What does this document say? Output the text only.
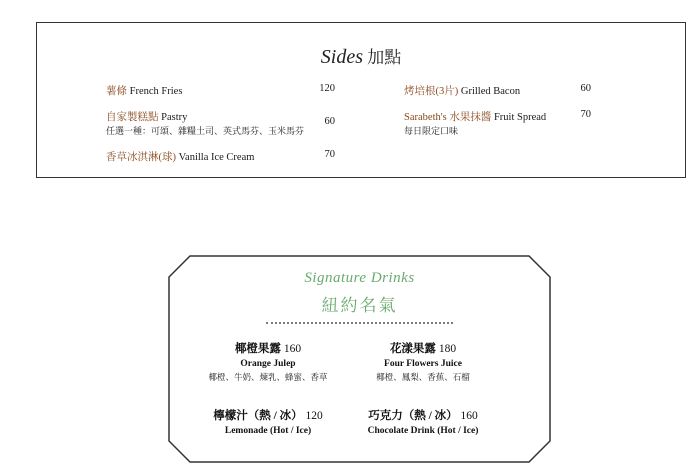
Sides 加點
薯條 French Fries	120
自家製糕點 Pastry
任選一種：可頌、雜糧土司、英式馬芬、玉米馬芬
60
香草冰淇淋(球) Vanilla Ice Cream	70
烤培根(3片) Grilled Bacon	60
Sarabeth's 水果抹醬 Fruit Spread
每日限定口味
70
Signature Drinks
紐約名氣
椰橙果露 160
Orange Julep
椰橙、牛奶、煉乳、蜂蜜、香草
花漾果露 180
Four Flowers Juice
椰橙、鳳梨、香蕉、石榴
檸檬汁（熱 / 冰） 120
Lemonade (Hot / Ice)
巧克力（熱 / 冰） 160
Chocolate Drink (Hot / Ice)
